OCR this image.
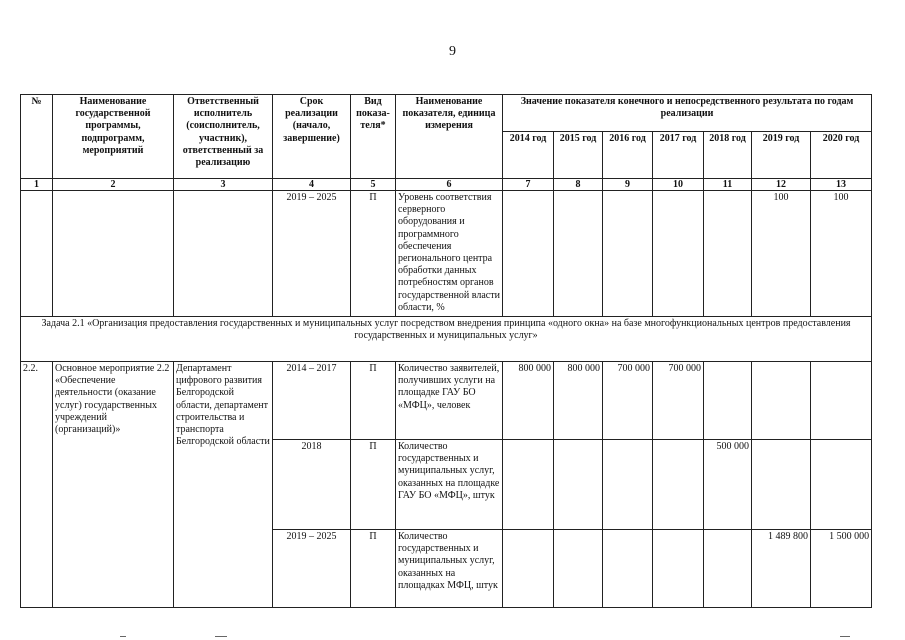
9
№	Наименование государственной программы, подпрограмм, мероприятий	Ответственный исполнитель (соисполнитель, участник), ответственный за реализацию	Срок реализации (начало, завершение)	Вид показа-теля*	Наименование показателя, единица измерения	Значение показателя конечного и непосредственного результата по годам реализации						
						2014 год	2015 год	2016 год	2017 год	2018 год	2019 год	2020 год
1	2	3	4	5	6	7	8	9	10	11	12	13
			2019 – 2025	П	Уровень соответствия серверного оборудования и программного обеспечения регионального центра обработки данных потребностям органов государственной власти области, %						100	100
Задача 2.1 «Организация предоставления государственных и муниципальных услуг посредством внедрения принципа «одного окна» на базе многофункциональных центров предоставления государственных и муниципальных услуг»												
2.2.	Основное мероприятие 2.2 «Обеспечение деятельности (оказание услуг) государственных учреждений (организаций)»	Департамент цифрового развития Белгородской области, департамент строительства и транспорта Белгородской области	2014 – 2017	П	Количество заявителей, получивших услуги на площадке ГАУ БО «МФЦ», человек	800 000	800 000	700 000	700 000			
			2018	П	Количество государственных и муниципальных услуг, оказанных на площадке ГАУ БО «МФЦ», штук					500 000		
			2019 – 2025	П	Количество государственных и муниципальных услуг, оказанных на площадках МФЦ, штук						1 489 800	1 500 000
